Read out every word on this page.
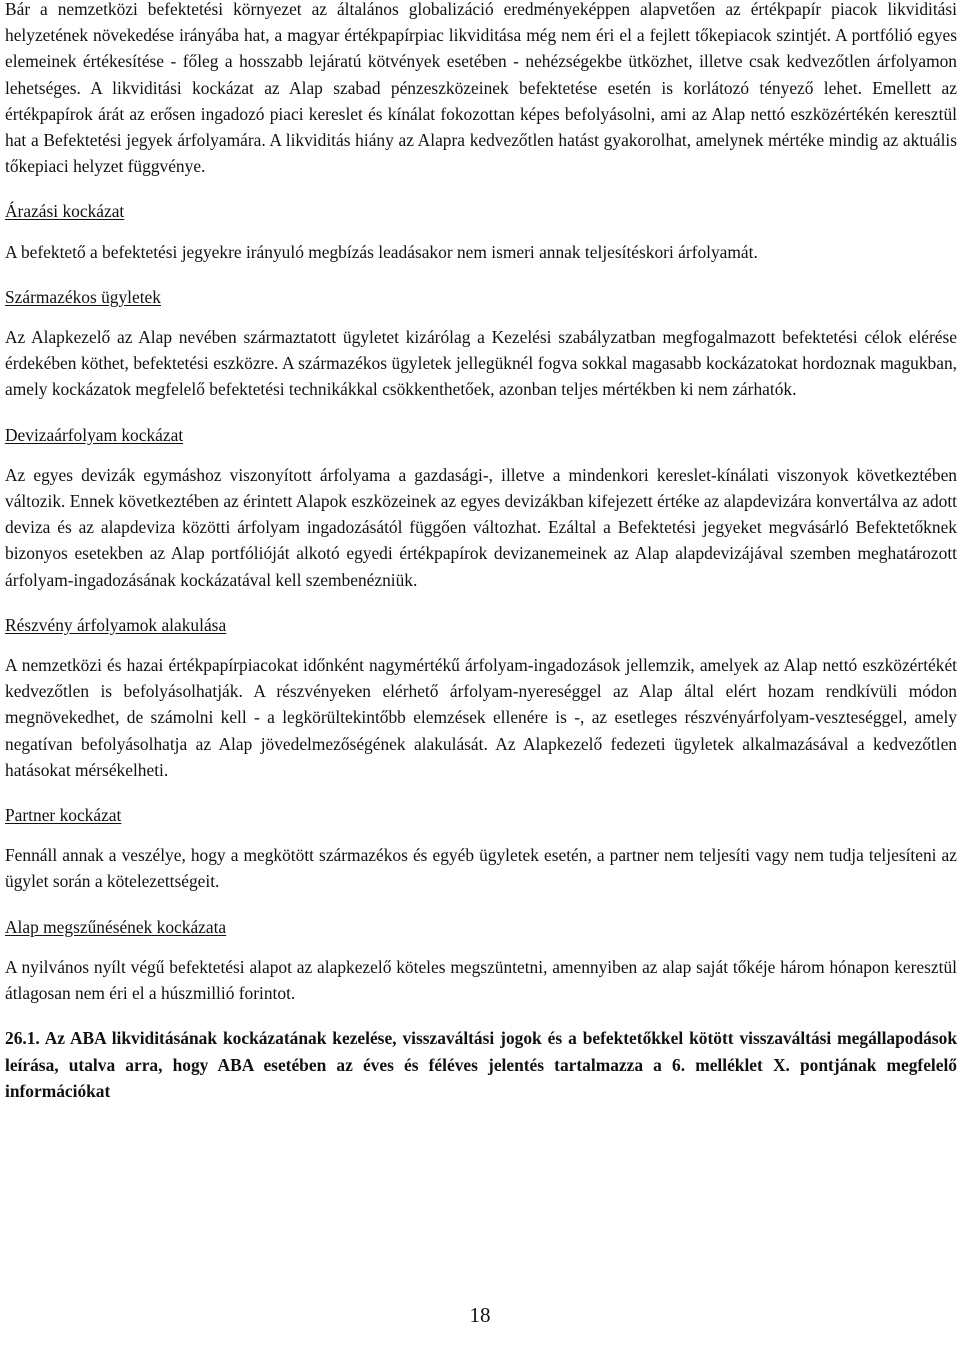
Bár a nemzetközi befektetési környezet az általános globalizáció eredményeképpen alapvetően az értékpapír piacok likviditási helyzetének növekedése irányába hat, a magyar értékpapírpiac likviditása még nem éri el a fejlett tőkepiacok szintjét. A portfólió egyes elemeinek értékesítése - főleg a hosszabb lejáratú kötvények esetében - nehézségekbe ütközhet, illetve csak kedvezőtlen árfolyamon lehetséges. A likviditási kockázat az Alap szabad pénzeszközeinek befektetése esetén is korlátozó tényező lehet. Emellett az értékpapírok árát az erősen ingadozó piaci kereslet és kínálat fokozottan képes befolyásolni, ami az Alap nettó eszközértékén keresztül hat a Befektetési jegyek árfolyamára. A likviditás hiány az Alapra kedvezőtlen hatást gyakorolhat, amelynek mértéke mindig az aktuális tőkepiaci helyzet függvénye.

Árazási kockázat

A befektető a befektetési jegyekre irányuló megbízás leadásakor nem ismeri annak teljesítéskori árfolyamát.

Származékos ügyletek

Az Alapkezelő az Alap nevében származtatott ügyletet kizárólag a Kezelési szabályzatban megfogalmazott befektetési célok elérése érdekében köthet, befektetési eszközre. A származékos ügyletek jellegüknél fogva sokkal magasabb kockázatokat hordoznak magukban, amely kockázatok megfelelő befektetési technikákkal csökkenthetőek, azonban teljes mértékben ki nem zárhatók.

Devizaárfolyam kockázat

Az egyes devizák egymáshoz viszonyított árfolyama a gazdasági-, illetve a mindenkori kereslet-kínálati viszonyok következtében változik. Ennek következtében az érintett Alapok eszközeinek az egyes devizákban kifejezett értéke az alapdevizára konvertálva az adott deviza és az alapdeviza közötti árfolyam ingadozásától függően változhat. Ezáltal a Befektetési jegyeket megvásárló Befektetőknek bizonyos esetekben az Alap portfólióját alkotó egyedi értékpapírok devizanemeinek az Alap alapdevizájával szemben meghatározott árfolyam-ingadozásának kockázatával kell szembenézniük.

Részvény árfolyamok alakulása

A nemzetközi és hazai értékpapírpiacokat időnként nagymértékű árfolyam-ingadozások jellemzik, amelyek az Alap nettó eszközértékét kedvezőtlen is befolyásolhatják. A részvényeken elérhető árfolyam-nyereséggel az Alap által elért hozam rendkívüli módon megnövekedhet, de számolni kell - a legkörültekintőbb elemzések ellenére is -, az esetleges részvényárfolyam-veszteséggel, amely negatívan befolyásolhatja az Alap jövedelmezőségének alakulását. Az Alapkezelő fedezeti ügyletek alkalmazásával a kedvezőtlen hatásokat mérsékelheti.

Partner kockázat

Fennáll annak a veszélye, hogy a megkötött származékos és egyéb ügyletek esetén, a partner nem teljesíti vagy nem tudja teljesíteni az ügylet során a kötelezettségeit.

Alap megszűnésének kockázata

A nyilvános nyílt végű befektetési alapot az alapkezelő köteles megszüntetni, amennyiben az alap saját tőkéje három hónapon keresztül átlagosan nem éri el a húszmillió forintot.

26.1. Az ABA likviditásának kockázatának kezelése, visszaváltási jogok és a befektetőkkel kötött visszaváltási megállapodások leírása, utalva arra, hogy ABA esetében az éves és féléves jelentés tartalmazza a 6. melléklet X. pontjának megfelelő információkat

18
